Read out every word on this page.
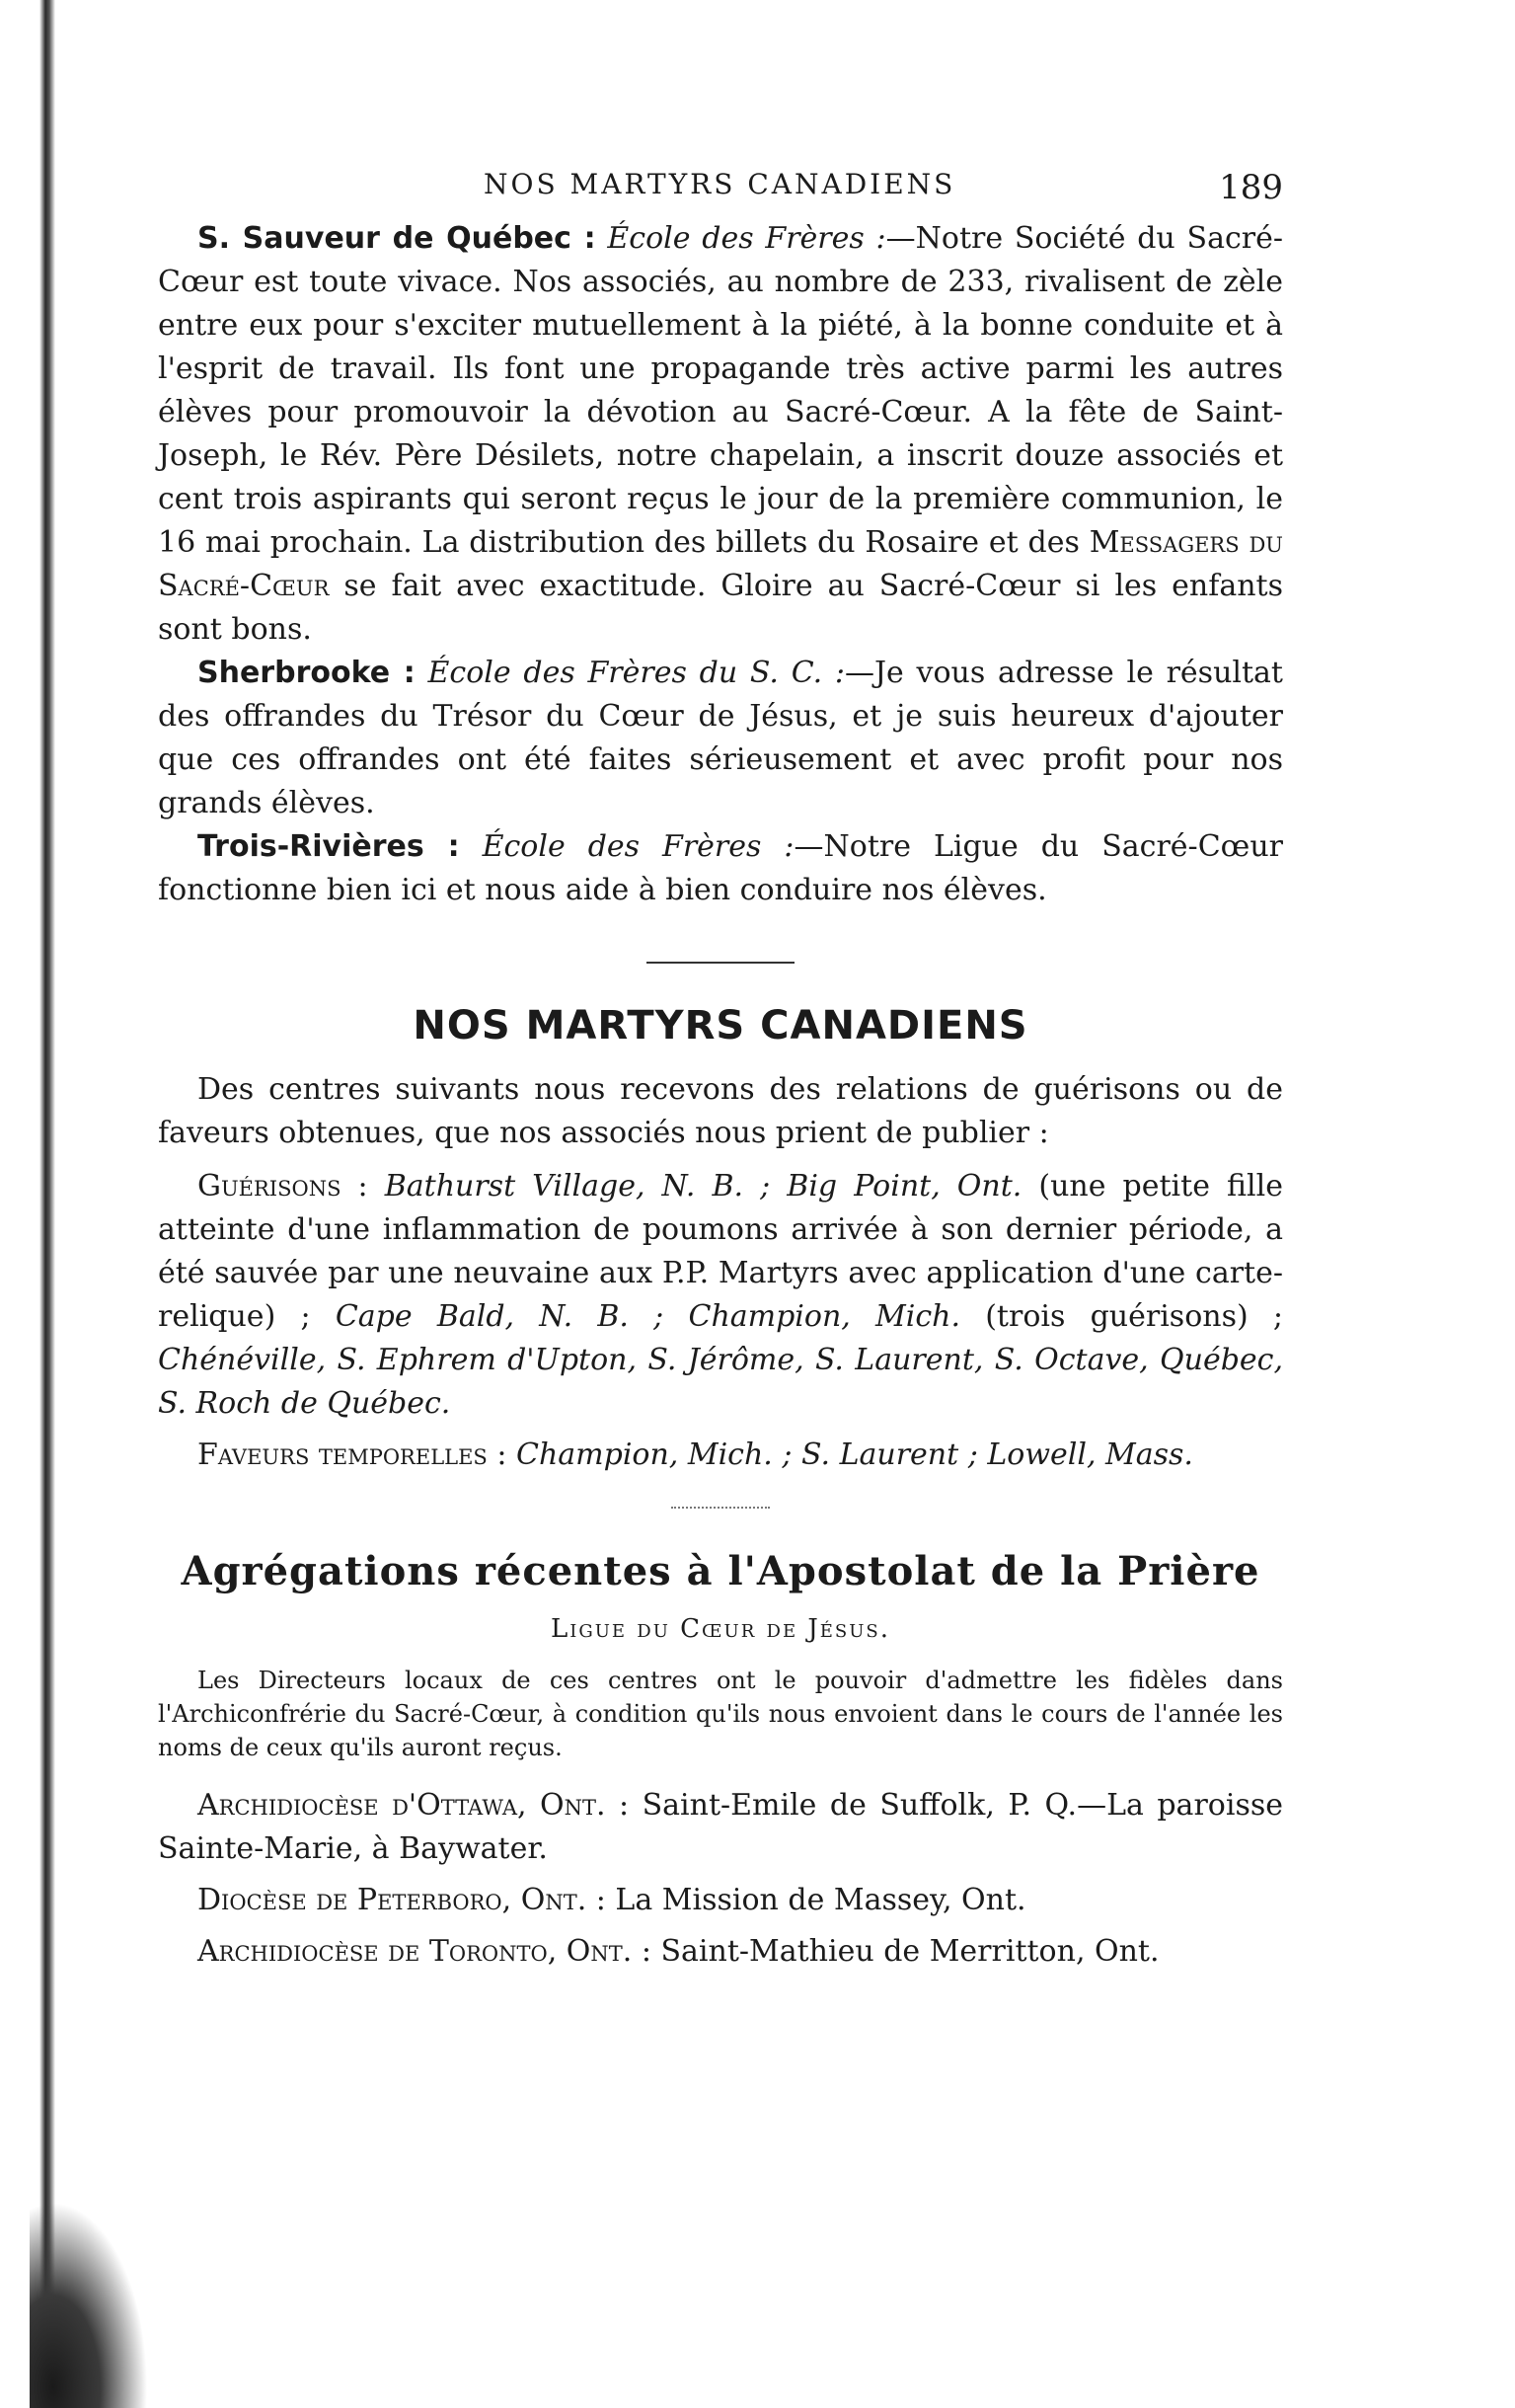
NOS MARTYRS CANADIENS	189

S. Sauveur de Québec : École des Frères :—Notre Société du Sacré-Cœur est toute vivace. Nos associés, au nombre de 233, rivalisent de zèle entre eux pour s'exciter mutuellement à la piété, à la bonne conduite et à l'esprit de travail. Ils font une propagande très active parmi les autres élèves pour promouvoir la dévotion au Sacré-Cœur. A la fête de Saint-Joseph, le Rév. Père Désilets, notre chapelain, a inscrit douze associés et cent trois aspirants qui seront reçus le jour de la première communion, le 16 mai prochain. La distribution des billets du Rosaire et des Messagers du Sacré-Cœur se fait avec exactitude. Gloire au Sacré-Cœur si les enfants sont bons.

Sherbrooke : École des Frères du S. C. :—Je vous adresse le résultat des offrandes du Trésor du Cœur de Jésus, et je suis heureux d'ajouter que ces offrandes ont été faites sérieusement et avec profit pour nos grands élèves.

Trois-Rivières : École des Frères :—Notre Ligue du Sacré-Cœur fonctionne bien ici et nous aide à bien conduire nos élèves.

NOS MARTYRS CANADIENS

Des centres suivants nous recevons des relations de guérisons ou de faveurs obtenues, que nos associés nous prient de publier :

Guérisons : Bathurst Village, N. B. ; Big Point, Ont. (une petite fille atteinte d'une inflammation de poumons arrivée à son dernier période, a été sauvée par une neuvaine aux P.P. Martyrs avec application d'une carte-relique) ; Cape Bald, N. B. ; Champion, Mich. (trois guérisons) ; Chénéville, S. Ephrem d'Upton, S. Jérôme, S. Laurent, S. Octave, Québec, S. Roch de Québec.

Faveurs temporelles : Champion, Mich. ; S. Laurent ; Lowell, Mass.

Agrégations récentes à l'Apostolat de la Prière
Ligue du Cœur de Jésus.

Les Directeurs locaux de ces centres ont le pouvoir d'admettre les fidèles dans l'Archiconfrérie du Sacré-Cœur, à condition qu'ils nous envoient dans le cours de l'année les noms de ceux qu'ils auront reçus.

Archidiocèse d'Ottawa, Ont. : Saint-Emile de Suffolk, P. Q.—La paroisse Sainte-Marie, à Baywater.

Diocèse de Peterboro, Ont. : La Mission de Massey, Ont.

Archidiocèse de Toronto, Ont. : Saint-Mathieu de Merritton, Ont.
